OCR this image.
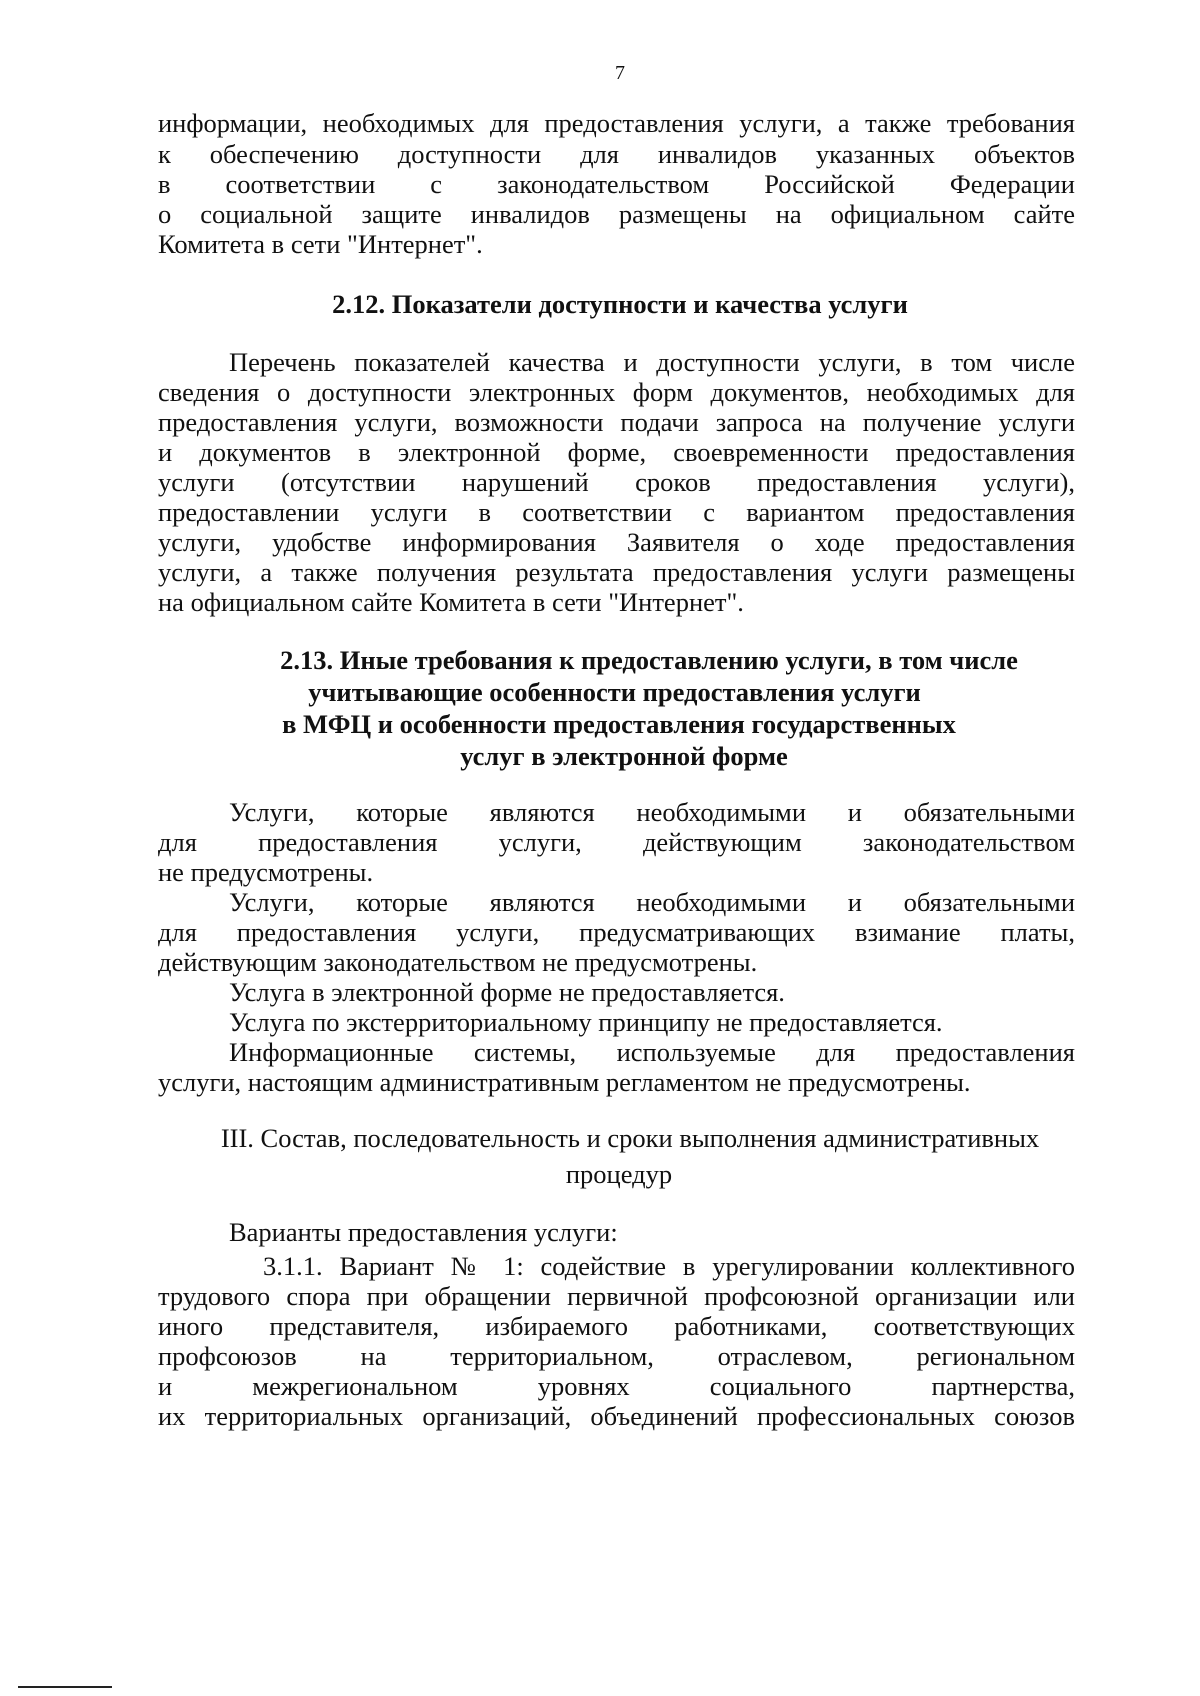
7
информации, необходимых для предоставления услуги, а также требования
к обеспечению доступности для инвалидов указанных объектов
в соответствии с законодательством Российской Федерации
о социальной защите инвалидов размещены на официальном сайте
Комитета в сети "Интернет".
2.12. Показатели доступности и качества услуги
Перечень показателей качества и доступности услуги, в том числе
сведения о доступности электронных форм документов, необходимых для
предоставления услуги, возможности подачи запроса на получение услуги
и документов в электронной форме, своевременности предоставления
услуги (отсутствии нарушений сроков предоставления услуги),
предоставлении услуги в соответствии с вариантом предоставления
услуги, удобстве информирования Заявителя о ходе предоставления
услуги, а также получения результата предоставления услуги размещены
на официальном сайте Комитета в сети "Интернет".
2.13. Иные требования к предоставлению услуги, в том числе
учитывающие особенности предоставления услуги
в МФЦ и особенности предоставления государственных
услуг в электронной форме
Услуги, которые являются необходимыми и обязательными
для предоставления услуги, действующим законодательством
не предусмотрены.
Услуги, которые являются необходимыми и обязательными
для предоставления услуги, предусматривающих взимание платы,
действующим законодательством не предусмотрены.
Услуга в электронной форме не предоставляется.
Услуга по экстерриториальному принципу не предоставляется.
Информационные системы, используемые для предоставления
услуги, настоящим административным регламентом не предусмотрены.
III. Состав, последовательность и сроки выполнения административных
процедур
Варианты предоставления услуги:
3.1.1. Вариант № 1: содействие в урегулировании коллективного
трудового спора при обращении первичной профсоюзной организации или
иного представителя, избираемого работниками, соответствующих
профсоюзов на территориальном, отраслевом, региональном
и межрегиональном уровнях социального партнерства,
их территориальных организаций, объединений профессиональных союзов
